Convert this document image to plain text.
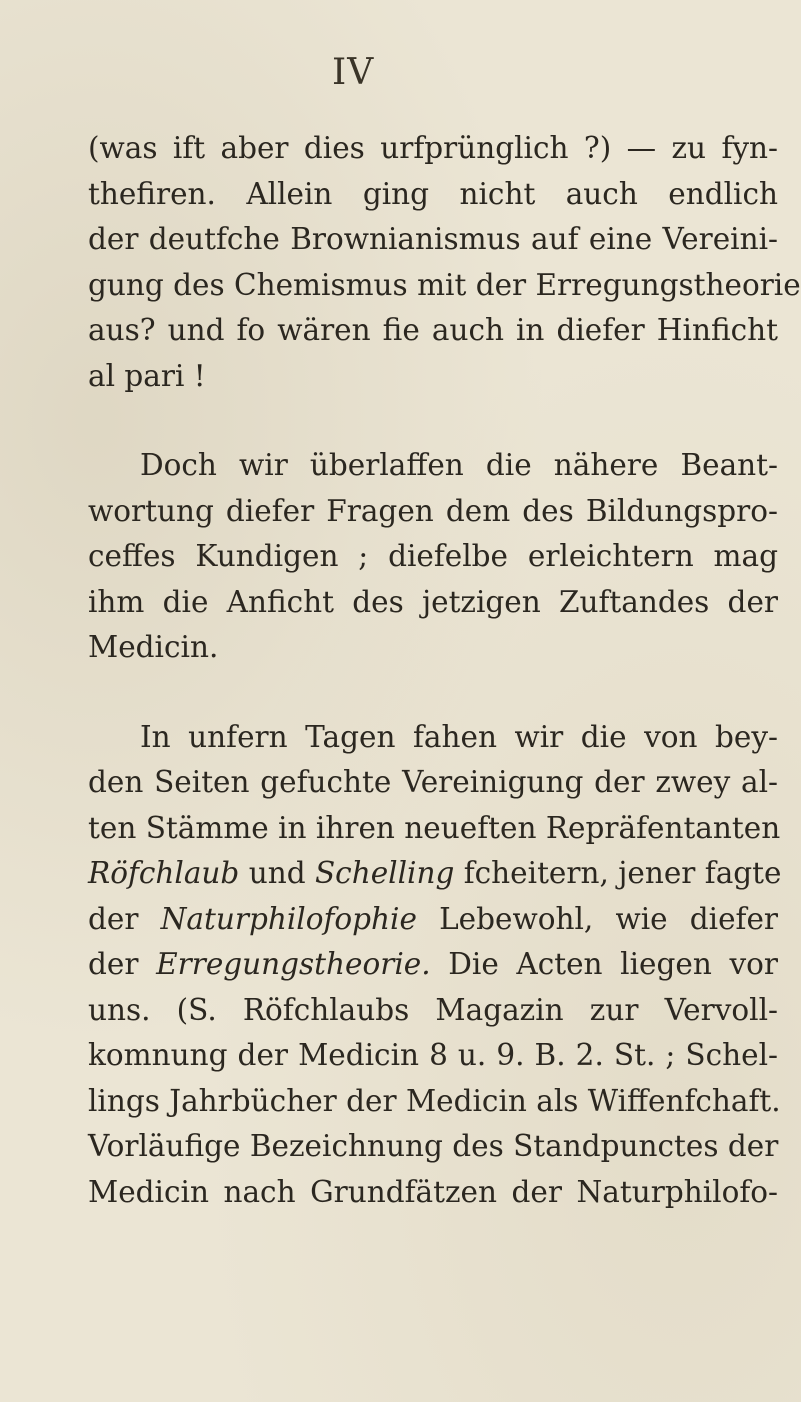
IV
(was ift aber dies urfprünglich ?) — zu fyn-
thefiren. Allein ging nicht auch endlich
der deutfche Brownianismus auf eine Vereini-
gung des Chemismus mit der Erregungstheorie
aus? und fo wären fie auch in diefer Hinficht
al pari !
Doch wir überlaffen die nähere Beant-
wortung diefer Fragen dem des Bildungspro-
ceffes Kundigen ; diefelbe erleichtern mag
ihm die Anficht des jetzigen Zuftandes der
Medicin.
In unfern Tagen fahen wir die von bey-
den Seiten gefuchte Vereinigung der zwey al-
ten Stämme in ihren neueften Repräfentanten
Röfchlaub und Schelling fcheitern, jener fagte
der Naturphilofophie Lebewohl, wie diefer
der Erregungstheorie. Die Acten liegen vor
uns. (S. Röfchlaubs Magazin zur Vervoll-
komnung der Medicin 8 u. 9. B. 2. St. ; Schel-
lings Jahrbücher der Medicin als Wiffenfchaft.
Vorläufige Bezeichnung des Standpunctes der
Medicin nach Grundfätzen der Naturphilofo-
